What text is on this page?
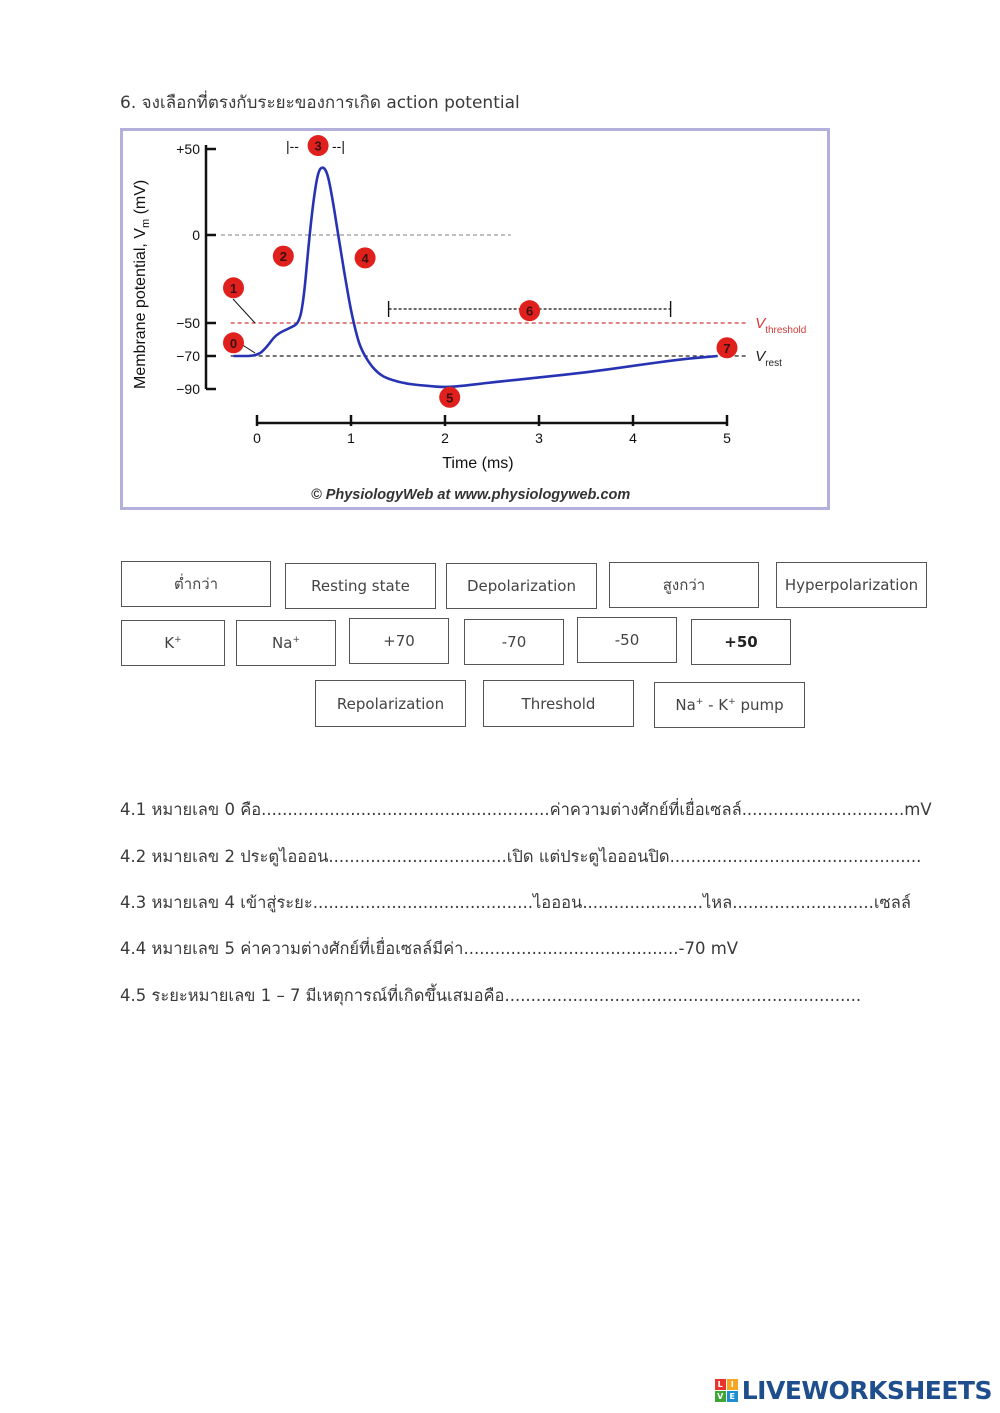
6. จงเลือกที่ตรงกับระยะของการเกิด action potential
+50
0
−50
−70
−90
Membrane potential, $V_m$ (mV)
0	1	2	3	4	5
Time (ms)
$V_{threshold}$
$V_{rest}$
|-- --|
0
1
2
3
4
5
6
7
© PhysiologyWeb at www.physiologyweb.com
ต่ำกว่า	Resting state	Depolarization	สูงกว่า	Hyperpolarization
K+	Na+	+70	-70	-50	+50
Repolarization	Threshold	Na+ - K+ pump
4.1 หมายเลข 0 คือ.......................................................ค่าความต่างศักย์ที่เยื่อเซลล์...............................mV
4.2 หมายเลข 2 ประตูไอออน..................................เปิด แต่ประตูไอออนปิด................................................
4.3 หมายเลข 4 เข้าสู่ระยะ..........................................ไอออน.......................ไหล...........................เซลล์
4.4 หมายเลข 5 ค่าความต่างศักย์ที่เยื่อเซลล์มีค่า.........................................-70 mV
4.5 ระยะหมายเลข 1 – 7 มีเหตุการณ์ที่เกิดขึ้นเสมอคือ....................................................................
L I
V E LIVEWORKSHEETS
